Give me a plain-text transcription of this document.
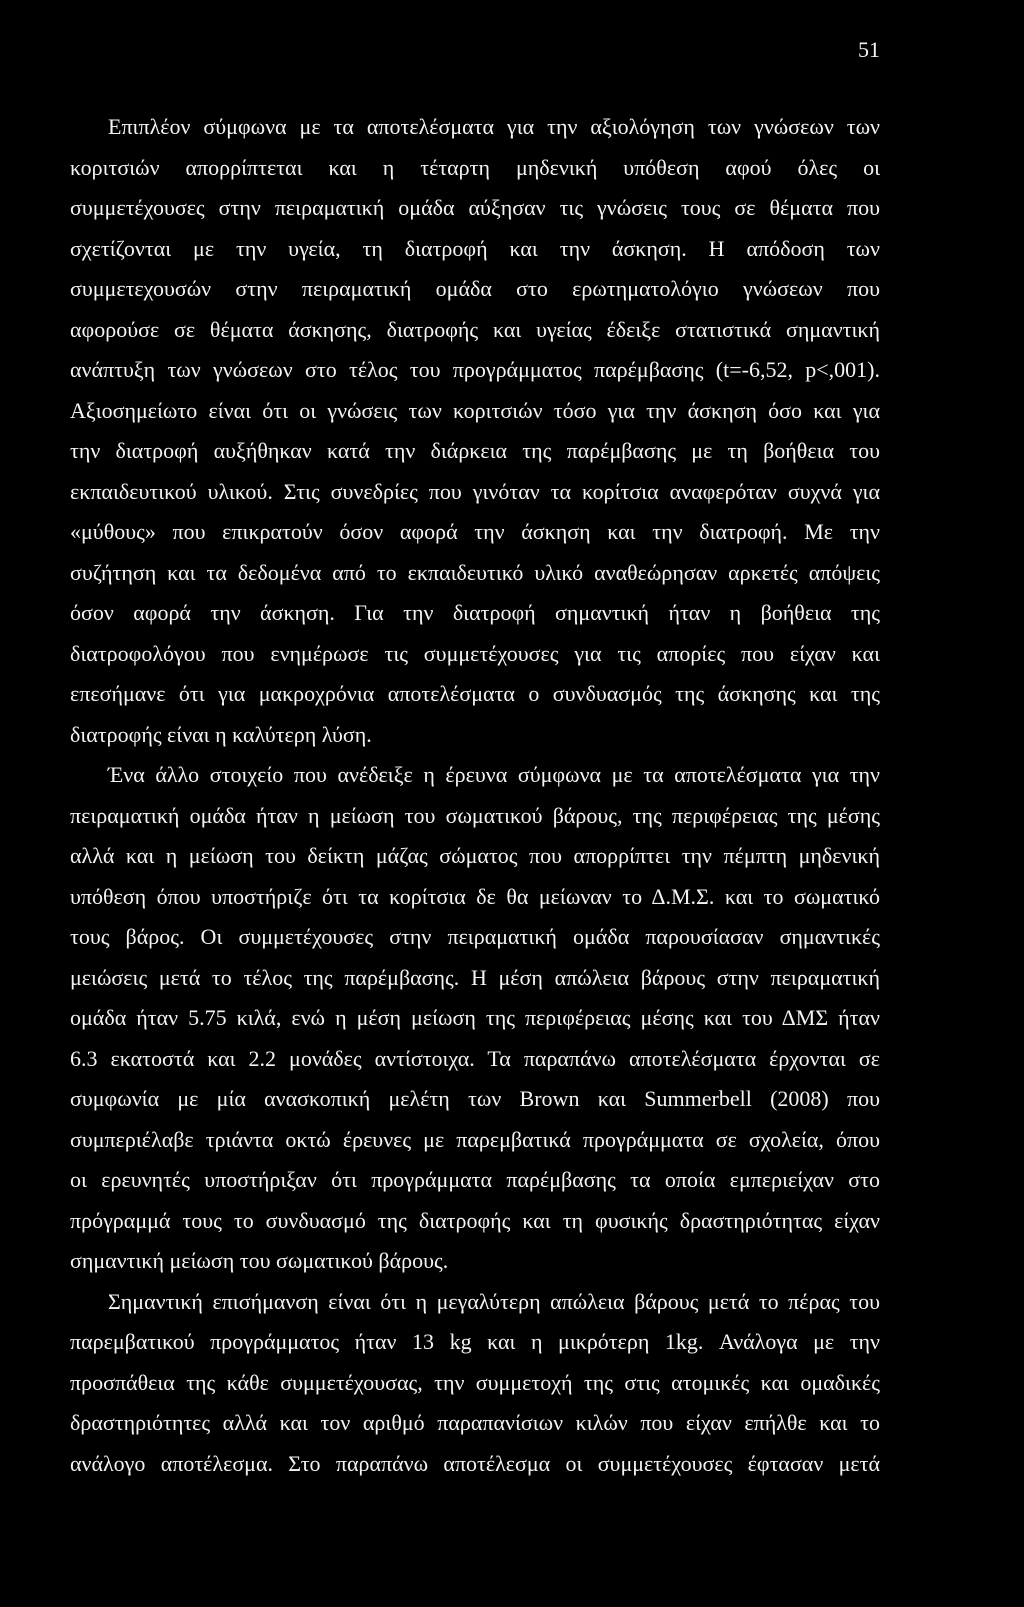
51
Επιπλέον σύμφωνα με τα αποτελέσματα για την αξιολόγηση των γνώσεων των
κοριτσιών απορρίπτεται και η τέταρτη μηδενική υπόθεση αφού όλες οι
συμμετέχουσες στην πειραματική ομάδα αύξησαν τις γνώσεις τους σε θέματα που
σχετίζονται με την υγεία, τη διατροφή και την άσκηση. Η απόδοση των
συμμετεχουσών στην πειραματική ομάδα στο ερωτηματολόγιο γνώσεων που
αφορούσε σε θέματα άσκησης, διατροφής και υγείας έδειξε στατιστικά σημαντική
ανάπτυξη των γνώσεων στο τέλος του προγράμματος παρέμβασης (t=-6,52, p<,001).
Αξιοσημείωτο είναι ότι οι γνώσεις των κοριτσιών τόσο για την άσκηση όσο και για
την διατροφή αυξήθηκαν κατά την διάρκεια της παρέμβασης με τη βοήθεια του
εκπαιδευτικού υλικού. Στις συνεδρίες που γινόταν τα κορίτσια αναφερόταν συχνά για
«μύθους» που επικρατούν όσον αφορά την άσκηση και την διατροφή. Με την
συζήτηση και τα δεδομένα από το εκπαιδευτικό υλικό αναθεώρησαν αρκετές απόψεις
όσον αφορά την άσκηση. Για την διατροφή σημαντική ήταν η βοήθεια της
διατροφολόγου που ενημέρωσε τις συμμετέχουσες για τις απορίες που είχαν και
επεσήμανε ότι για μακροχρόνια αποτελέσματα ο συνδυασμός της άσκησης και της
διατροφής είναι η καλύτερη λύση.
Ένα άλλο στοιχείο που ανέδειξε η έρευνα σύμφωνα με τα αποτελέσματα για την
πειραματική ομάδα ήταν η μείωση του σωματικού βάρους, της περιφέρειας της μέσης
αλλά και η μείωση του δείκτη μάζας σώματος που απορρίπτει την πέμπτη μηδενική
υπόθεση όπου υποστήριζε ότι τα κορίτσια δε θα μείωναν το Δ.Μ.Σ. και το σωματικό
τους βάρος. Οι συμμετέχουσες στην πειραματική ομάδα παρουσίασαν σημαντικές
μειώσεις μετά το τέλος της παρέμβασης. Η μέση απώλεια βάρους στην πειραματική
ομάδα ήταν 5.75 κιλά, ενώ η μέση μείωση της περιφέρειας μέσης και του ΔΜΣ ήταν
6.3 εκατοστά και 2.2 μονάδες αντίστοιχα. Τα παραπάνω αποτελέσματα έρχονται σε
συμφωνία με μία ανασκοπική μελέτη των Brown και Summerbell (2008) που
συμπεριέλαβε τριάντα οκτώ έρευνες με παρεμβατικά προγράμματα σε σχολεία, όπου
οι ερευνητές υποστήριξαν ότι προγράμματα παρέμβασης τα οποία εμπεριείχαν στο
πρόγραμμά τους το συνδυασμό της διατροφής και τη φυσικής δραστηριότητας είχαν
σημαντική μείωση του σωματικού βάρους.
Σημαντική επισήμανση είναι ότι η μεγαλύτερη απώλεια βάρους μετά το πέρας του
παρεμβατικού προγράμματος ήταν 13 kg και η μικρότερη 1kg. Ανάλογα με την
προσπάθεια της κάθε συμμετέχουσας, την συμμετοχή της στις ατομικές και ομαδικές
δραστηριότητες αλλά και τον αριθμό παραπανίσιων κιλών που είχαν επήλθε και το
ανάλογο αποτέλεσμα. Στο παραπάνω αποτέλεσμα οι συμμετέχουσες έφτασαν μετά
